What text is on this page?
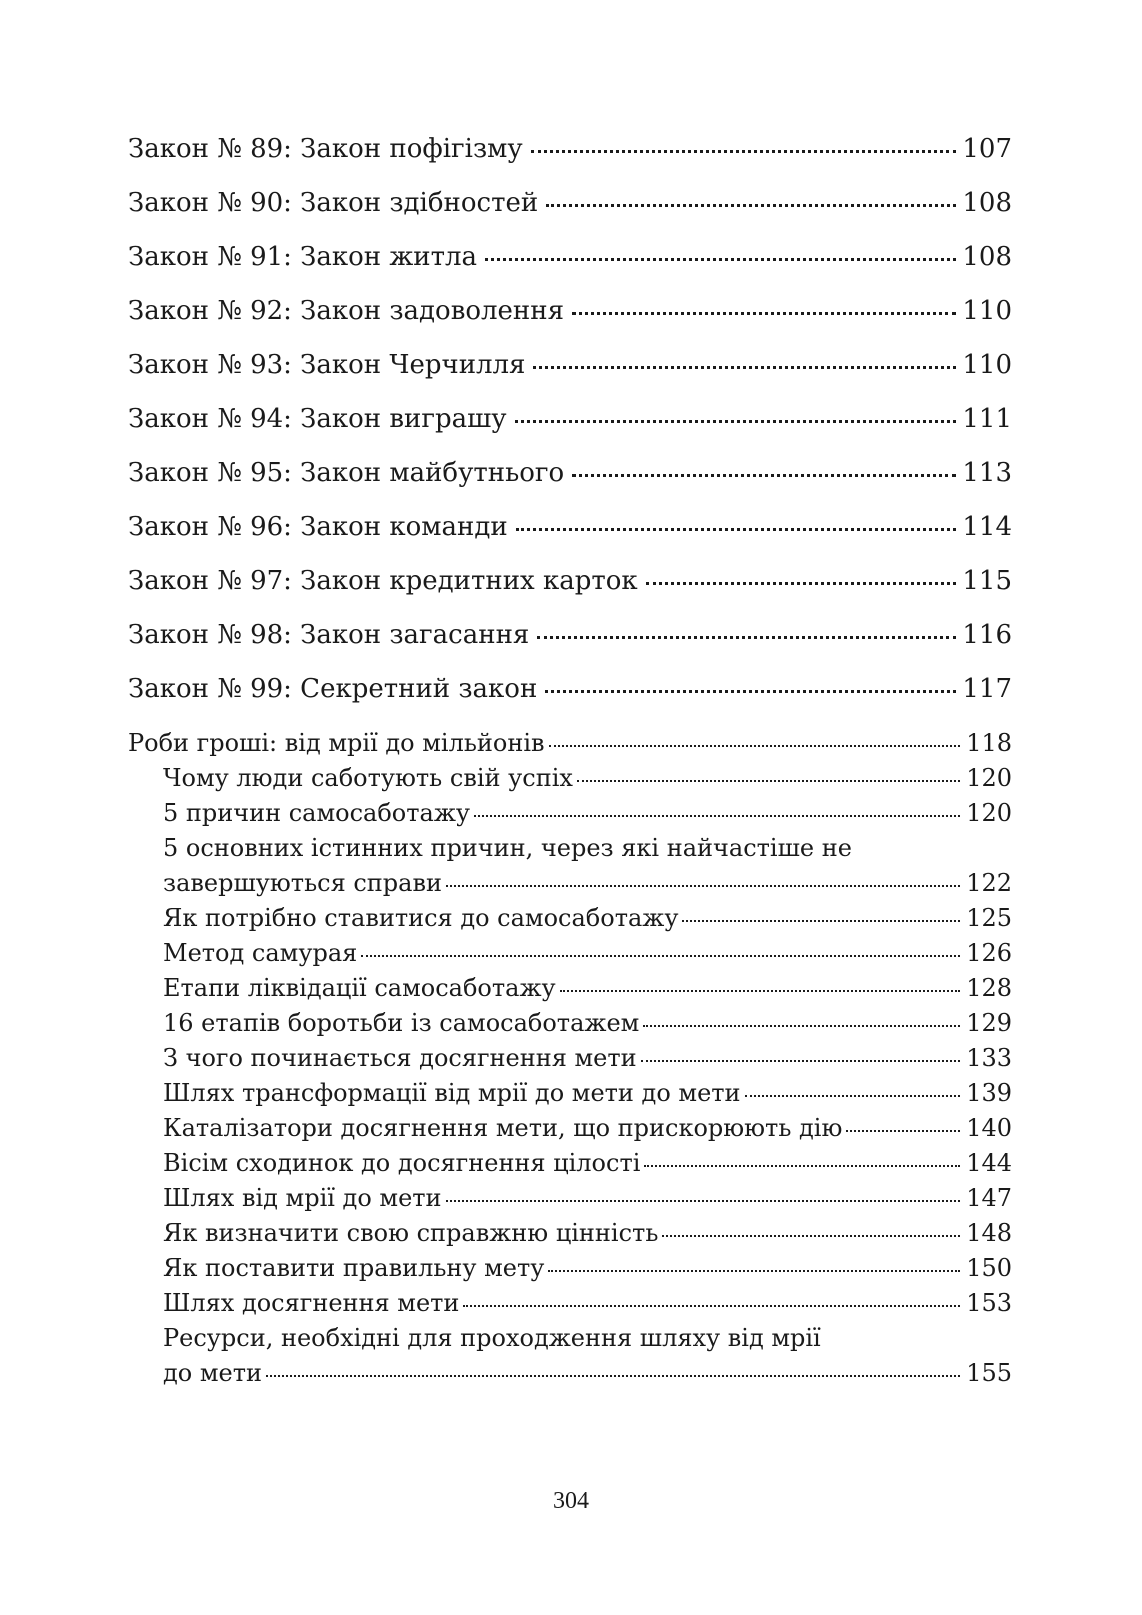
Закон № 89: Закон пофігізму	107
Закон № 90: Закон здібностей	108
Закон № 91: Закон житла	108
Закон № 92: Закон задоволення	110
Закон № 93: Закон Черчилля	110
Закон № 94: Закон виграшу	111
Закон № 95: Закон майбутнього	113
Закон № 96: Закон команди	114
Закон № 97: Закон кредитних карток	115
Закон № 98: Закон загасання	116
Закон № 99: Секретний закон	117
Роби гроші: від мрії до мільйонів	118
Чому люди саботують свій успіх	120
5 причин самосаботажу	120
5 основних істинних причин, через які найчастіше не
завершуються справи	122
Як потрібно ставитися до самосаботажу	125
Метод самурая	126
Етапи ліквідації самосаботажу	128
16 етапів боротьби із самосаботажем	129
З чого починається досягнення мети	133
Шлях трансформації від мрії до мети до мети	139
Каталізатори досягнення мети, що прискорюють дію	140
Вісім сходинок до досягнення цілості	144
Шлях від мрії до мети	147
Як визначити свою справжню цінність	148
Як поставити правильну мету	150
Шлях досягнення мети	153
Ресурси, необхідні для проходження шляху від мрії
до мети	155
304
